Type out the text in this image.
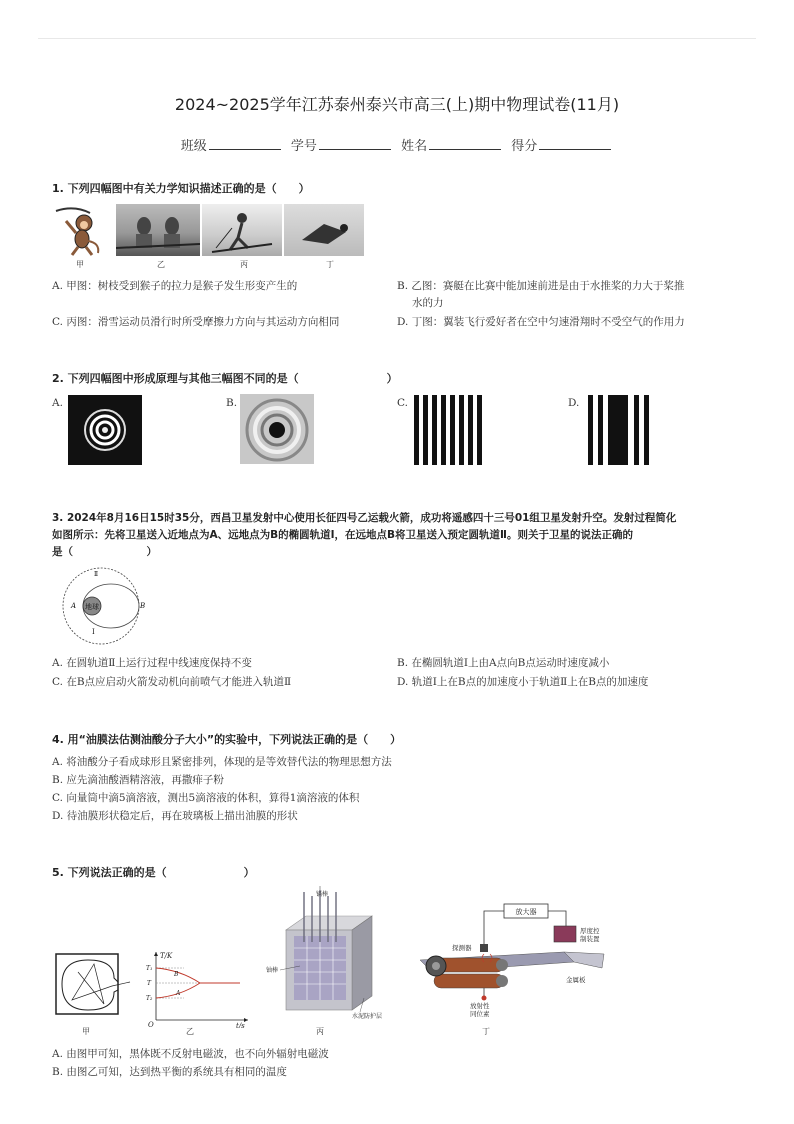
2024~2025学年江苏泰州泰兴市高三(上)期中物理试卷(11月)
班级	学号	姓名	得分
1. 下列四幅图中有关力学知识描述正确的是（　　）
甲	乙	丙	丁
A. 甲图：树枝受到猴子的拉力是猴子发生形变产生的	B. 乙图：赛艇在比赛中能加速前进是由于水推桨的力大于桨推
水的力
C. 丙图：滑雪运动员滑行时所受摩擦力方向与其运动方向相同	D. 丁图：翼装飞行爱好者在空中匀速滑翔时不受空气的作用力
2. 下列四幅图中形成原理与其他三幅图不同的是（　　　　　　　　）
A.	B.	C.	D.
3. 2024年8月16日15时35分，西昌卫星发射中心使用长征四号乙运载火箭，成功将遥感四十三号01组卫星发射升空。发射过程简化
如图所示：先将卫星送入近地点为A、远地点为B的椭圆轨道Ⅰ，在远地点B将卫星送入预定圆轨道Ⅱ。则关于卫星的说法正确的
是（　　　　　　　）
地球
A	B
Ⅰ
Ⅱ
A. 在圆轨道Ⅱ上运行过程中线速度保持不变	B. 在椭圆轨道Ⅰ上由A点向B点运动时速度减小
C. 在B点应启动火箭发动机向前喷气才能进入轨道Ⅱ	D. 轨道Ⅰ上在B点的加速度小于轨道Ⅱ上在B点的加速度
4. 用“油膜法估测油酸分子大小”的实验中，下列说法正确的是（　　）
A. 将油酸分子看成球形且紧密排列，体现的是等效替代法的物理思想方法
B. 应先滴油酸酒精溶液，再撒痱子粉
C. 向量筒中滴5滴溶液，测出5滴溶液的体积，算得1滴溶液的体积
D. 待油膜形状稳定后，再在玻璃板上描出油膜的形状
5. 下列说法正确的是（　　　　　　　）
甲
T/K
t/s
O
T₁
T
T₂
B
A
乙
镉棒
铀棒
水泥防护层
丙
放大器
厚度控
制装置
探测器
金属板
放射性
同位素
丁
A. 由图甲可知，黑体既不反射电磁波，也不向外辐射电磁波
B. 由图乙可知，达到热平衡的系统具有相同的温度
